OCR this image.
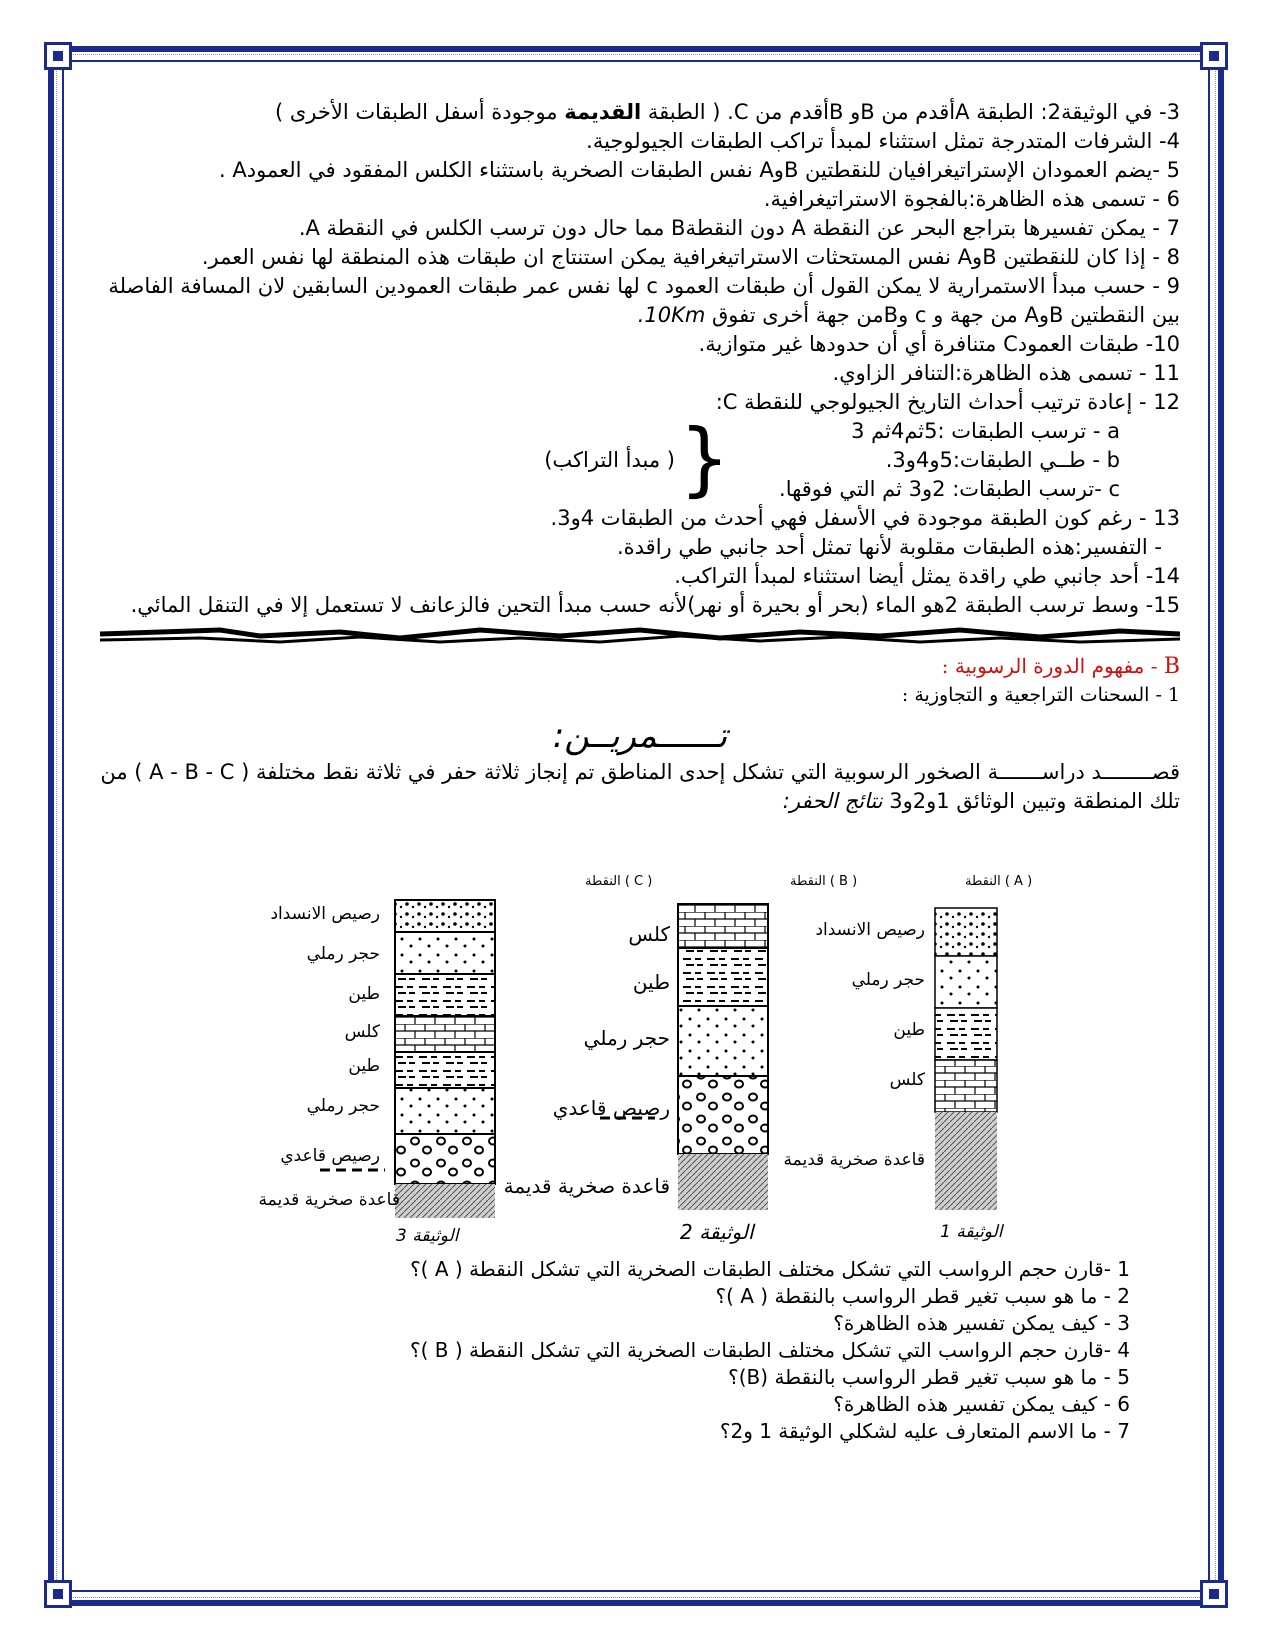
3- في الوثيقة2: الطبقة Aأقدم من Bو Bأقدم من C. ( الطبقة القديمة موجودة أسفل الطبقات الأخرى )

4- الشرفات المتدرجة تمثل استثناء لمبدأ تراكب الطبقات الجيولوجية.

5 -يضم العمودان الإستراتيغرافيان للنقطتين BوA نفس الطبقات الصخرية باستثناء الكلس المفقود في العمودA .

6 - تسمى هذه الظاهرة:بالفجوة الاستراتيغرافية.

7 - يمكن تفسيرها بتراجع البحر عن النقطة A دون النقطةB مما حال دون ترسب الكلس في النقطة A.

8 - إذا كان للنقطتين BوA نفس المستحثات الاستراتيغرافية يمكن استنتاج ان طبقات هذه المنطقة لها نفس العمر.

9 - حسب مبدأ الاستمرارية لا يمكن القول أن طبقات العمود c لها نفس عمر طبقات العمودين السابقين لان المسافة الفاصلة بين النقطتين BوA من جهة و c وBمن جهة أخرى تفوق 10Km.

10- طبقات العمودC متنافرة أي أن حدودها غير متوازية.

11 - تسمى هذه الظاهرة:التنافر الزاوي.

12 - إعادة ترتيب أحداث التاريخ الجيولوجي للنقطة C:

a - ترسب الطبقات :5ثم4ثم 3

b - طــي الطبقات:5و4و3.

c -ترسب الطبقات: 2و3 ثم التي فوقها.

{
( مبدأ التراكب)

13 - رغم كون الطبقة موجودة في الأسفل فهي أحدث من الطبقات 4و3.

- التفسير:هذه الطبقات مقلوبة لأنها تمثل أحد جانبي طي راقدة.

14- أحد جانبي طي راقدة يمثل أيضا استثناء لمبدأ التراكب.

15- وسط ترسب الطبقة 2هو الماء (بحر أو بحيرة أو نهر)لأنه حسب مبدأ التحين فالزعانف لا تستعمل إلا في التنقل المائي.

B - مفهوم الدورة الرسوبية :

1 - السحنات التراجعية و التجاوزية :

تــــــمريــن:

قصــــــــد دراســـــــة الصخور الرسوبية التي تشكل إحدى المناطق تم إنجاز ثلاثة حفر في ثلاثة نقط مختلفة ( A - B - C ) من تلك المنطقة وتبين الوثائق 1و2و3 نتائج الحفر:

النقطة ( A )
النقطة ( B )
النقطة ( C )
رصيص الانسداد
حجر رملي
طين
كلس
طين
حجر رملي
رصيص قاعدي
قاعدة صخرية قديمة
الوثيقة 3
كلس
طين
حجر رملي
رصيص قاعدي
قاعدة صخرية قديمة
الوثيقة 2
رصيص الانسداد
حجر رملي
طين
كلس
قاعدة صخرية قديمة
الوثيقة 1

1 -قارن حجم الرواسب التي تشكل مختلف الطبقات الصخرية التي تشكل النقطة ( A )؟

2 - ما هو سبب تغير قطر الرواسب بالنقطة ( A )؟

3 - كيف يمكن تفسير هذه الظاهرة؟

4 -قارن حجم الرواسب التي تشكل مختلف الطبقات الصخرية التي تشكل النقطة ( B )؟

5 - ما هو سبب تغير قطر الرواسب بالنقطة (B)؟

6 - كيف يمكن تفسير هذه الظاهرة؟

7 - ما الاسم المتعارف عليه لشكلي الوثيقة 1 و2؟
